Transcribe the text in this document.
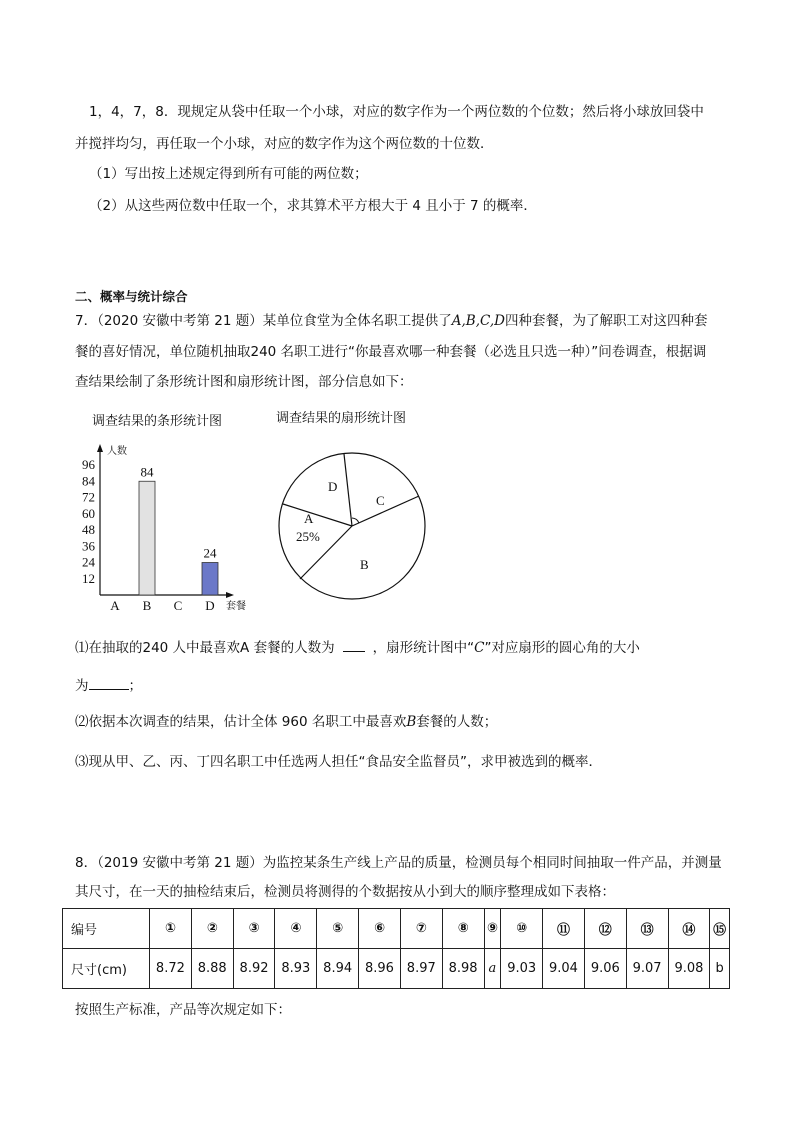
1，4，7，8．现规定从袋中任取一个小球，对应的数字作为一个两位数的个位数；然后将小球放回袋中
并搅拌均匀，再任取一个小球，对应的数字作为这个两位数的十位数．
（1）写出按上述规定得到所有可能的两位数；
（2）从这些两位数中任取一个，求其算术平方根大于 4 且小于 7 的概率．
二、概率与统计综合
7．（2020 安徽中考第 21 题）某单位食堂为全体名职工提供了A,B,C,D四种套餐，为了解职工对这四种套
餐的喜好情况，单位随机抽取240 名职工进行“你最喜欢哪一种套餐（必选且只选一种）”问卷调查，根据调
查结果绘制了条形统计图和扇形统计图，部分信息如下：
调查结果的条形统计图	调查结果的扇形统计图
12
24
36
48
60
72
84
96	84
24
A B C D
人数
套餐
D
C
A
25%
B
⑴在抽取的240 人中最喜欢A 套餐的人数为	，扇形统计图中“C”对应扇形的圆心角的大小
为	；
⑵依据本次调查的结果，估计全体 960 名职工中最喜欢B套餐的人数；
⑶现从甲、乙、丙、丁四名职工中任选两人担任“食品安全监督员”，求甲被选到的概率．
8．（2019 安徽中考第 21 题）为监控某条生产线上产品的质量，检测员每个相同时间抽取一件产品，并测量
其尺寸，在一天的抽检结束后，检测员将测得的个数据按从小到大的顺序整理成如下表格：
编号	①	②	③	④	⑤	⑥	⑦	⑧	⑨	⑩	⑪	⑫	⑬	⑭	⑮
尺寸(cm)	8.72	8.88	8.92	8.93	8.94	8.96	8.97	8.98	a	9.03	9.04	9.06	9.07	9.08	b
按照生产标准，产品等次规定如下：
